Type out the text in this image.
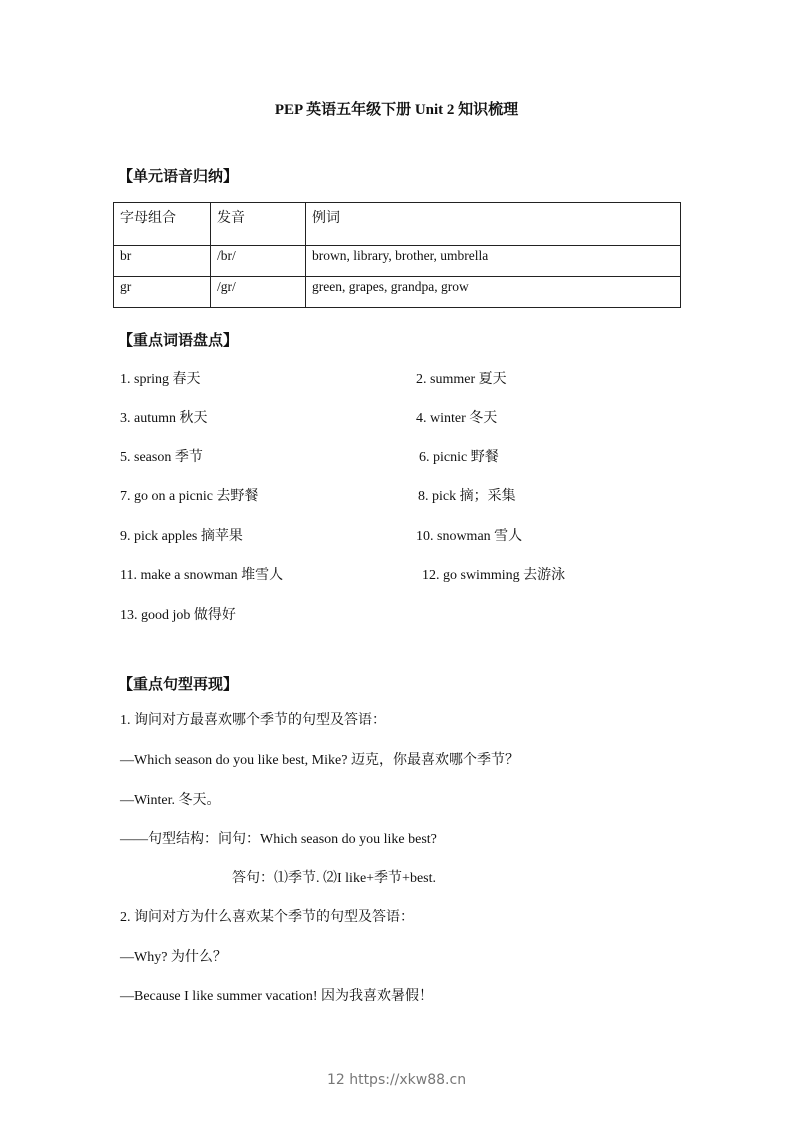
PEP 英语五年级下册 Unit 2 知识梳理
【单元语音归纳】
字母组合	发音	例词
br	/br/	brown, library, brother, umbrella
gr	/gr/	green, grapes, grandpa, grow
【重点词语盘点】
1. spring 春天	2. summer 夏天
3. autumn 秋天	4. winter 冬天
5. season 季节	6. picnic 野餐
7. go on a picnic 去野餐	8. pick 摘；采集
9. pick apples 摘苹果	10. snowman 雪人
11. make a snowman 堆雪人	12. go swimming 去游泳
13. good job 做得好
【重点句型再现】
1. 询问对方最喜欢哪个季节的句型及答语：
—Which season do you like best, Mike? 迈克，你最喜欢哪个季节？
—Winter. 冬天。
——句型结构：问句：Which season do you like best?
答句：⑴季节. ⑵I like+季节+best.
2. 询问对方为什么喜欢某个季节的句型及答语：
—Why? 为什么？
—Because I like summer vacation! 因为我喜欢暑假！
12 https://xkw88.cn
